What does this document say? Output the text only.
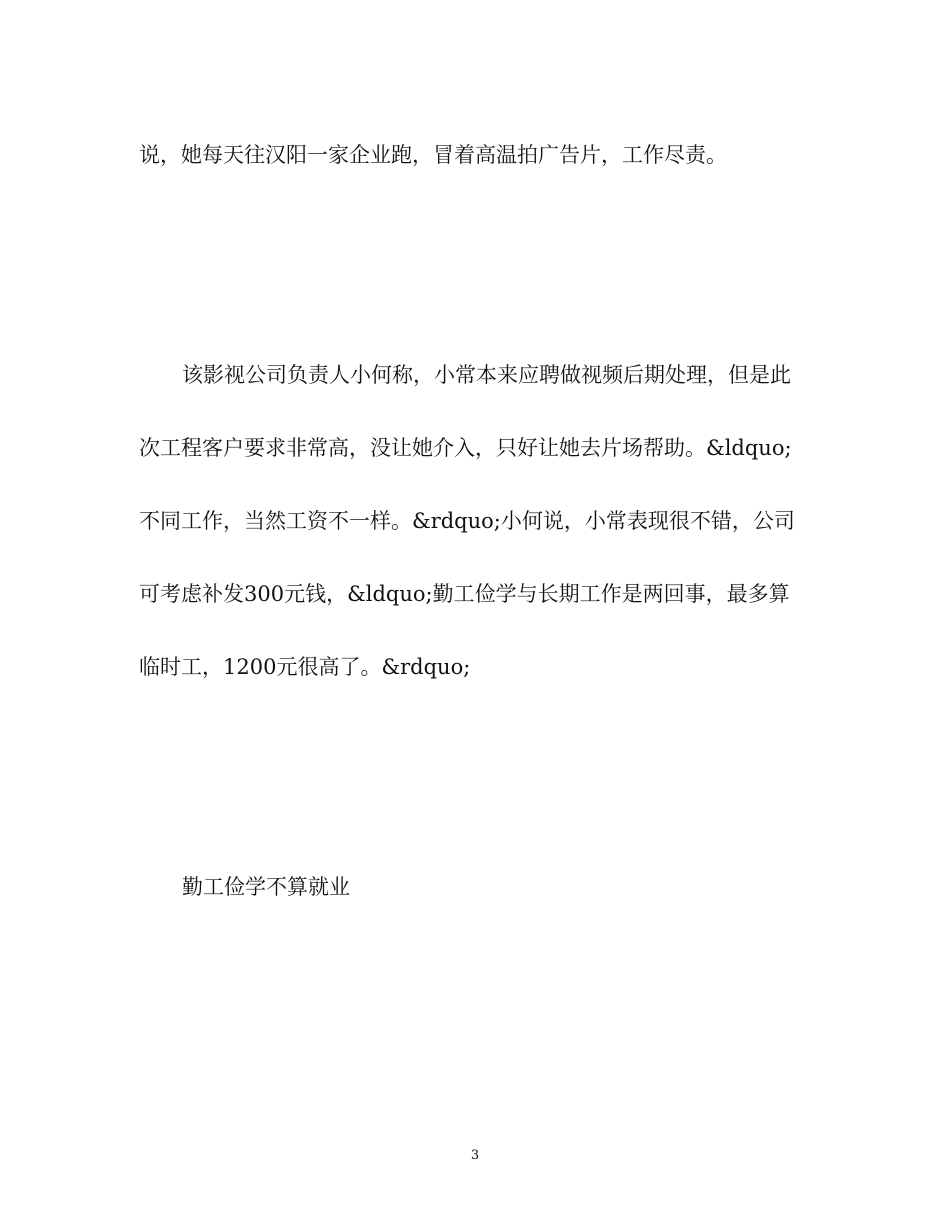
说，她每天往汉阳一家企业跑，冒着高温拍广告片，工作尽责。
该影视公司负责人小何称，小常本来应聘做视频后期处理，但是此
次工程客户要求非常高，没让她介入，只好让她去片场帮助。&ldquo;
不同工作，当然工资不一样。&rdquo;小何说，小常表现很不错，公司
可考虑补发300元钱，&ldquo;勤工俭学与长期工作是两回事，最多算
临时工，1200元很高了。&rdquo;
勤工俭学不算就业
3
